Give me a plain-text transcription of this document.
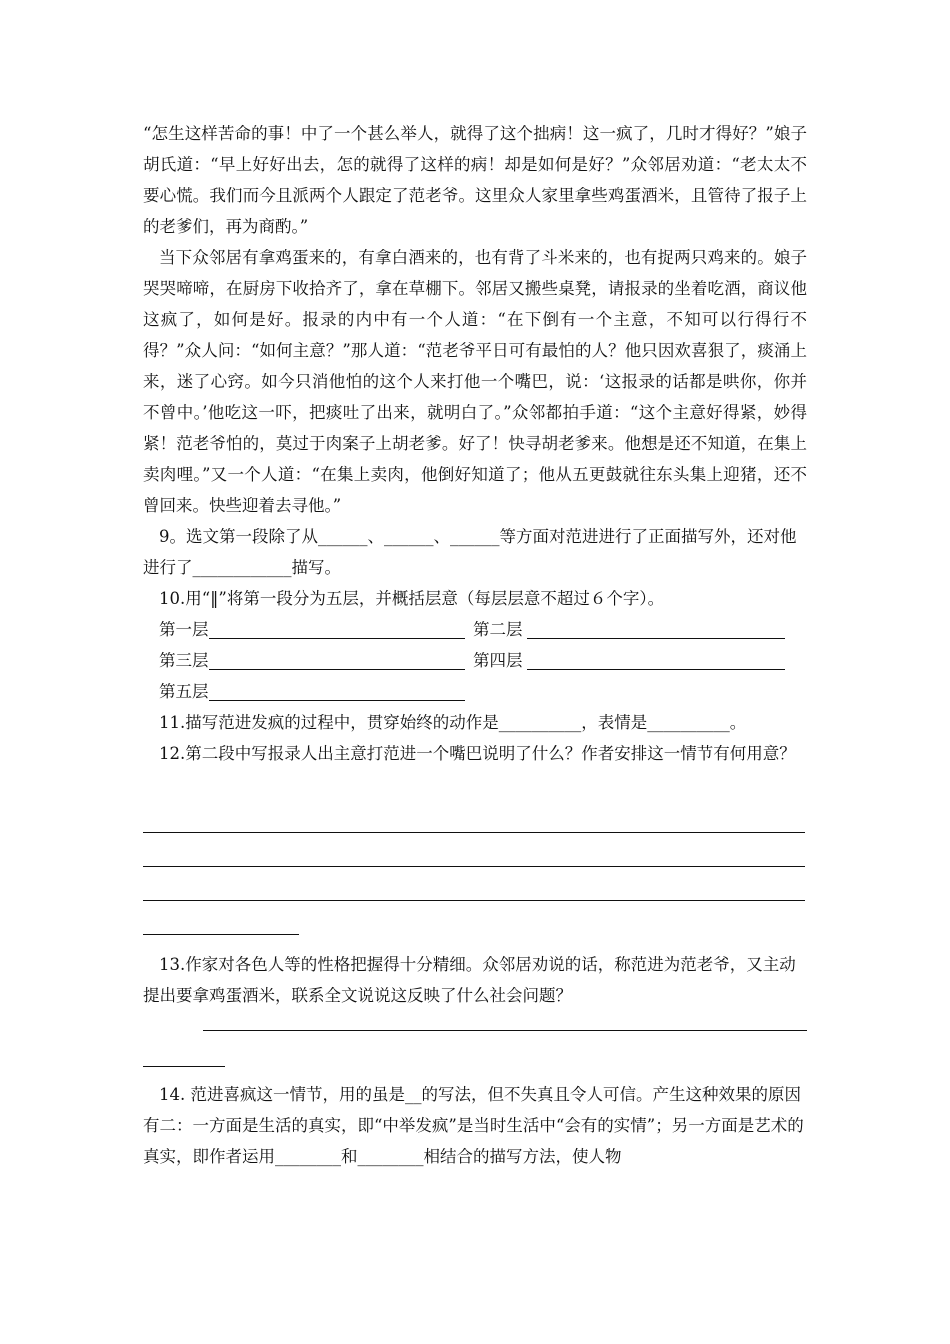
“怎生这样苦命的事！中了一个甚么举人，就得了这个拙病！这一疯了，几时才得好？”娘子胡氏道：“早上好好出去，怎的就得了这样的病！却是如何是好？”众邻居劝道：“老太太不要心慌。我们而今且派两个人跟定了范老爷。这里众人家里拿些鸡蛋酒米，且管待了报子上的老爹们，再为商酌。”

当下众邻居有拿鸡蛋来的，有拿白酒来的，也有背了斗米来的，也有捉两只鸡来的。娘子哭哭啼啼，在厨房下收拾齐了，拿在草棚下。邻居又搬些桌凳，请报录的坐着吃酒，商议他这疯了，如何是好。报录的内中有一个人道：“在下倒有一个主意，不知可以行得行不得？”众人问：“如何主意？”那人道：“范老爷平日可有最怕的人？他只因欢喜狠了，痰涌上来，迷了心窍。如今只消他怕的这个人来打他一个嘴巴，说：‘这报录的话都是哄你，你并不曾中。’他吃这一吓，把痰吐了出来，就明白了。”众邻都拍手道：“这个主意好得紧，妙得紧！范老爷怕的，莫过于肉案子上胡老爹。好了！快寻胡老爹来。他想是还不知道，在集上卖肉哩。”又一个人道：“在集上卖肉，他倒好知道了；他从五更鼓就往东头集上迎猪，还不曾回来。快些迎着去寻他。”

9。选文第一段除了从______、______、______等方面对范进进行了正面描写外，还对他进行了____________描写。

10.用“‖”将第一段分为五层，并概括层意（每层层意不超过６个字）。

第一层	第二层
第三层	第四层
第五层

11.描写范进发疯的过程中，贯穿始终的动作是__________，表情是__________。

12.第二段中写报录人出主意打范进一个嘴巴说明了什么？作者安排这一情节有何用意？

13.作家对各色人等的性格把握得十分精细。众邻居劝说的话，称范进为范老爷，又主动提出要拿鸡蛋酒米，联系全文说说这反映了什么社会问题？

14. 范进喜疯这一情节，用的虽是__的写法，但不失真且令人可信。产生这种效果的原因有二：一方面是生活的真实，即“中举发疯”是当时生活中“会有的实情”；另一方面是艺术的真实，即作者运用________和________相结合的描写方法，使人物
